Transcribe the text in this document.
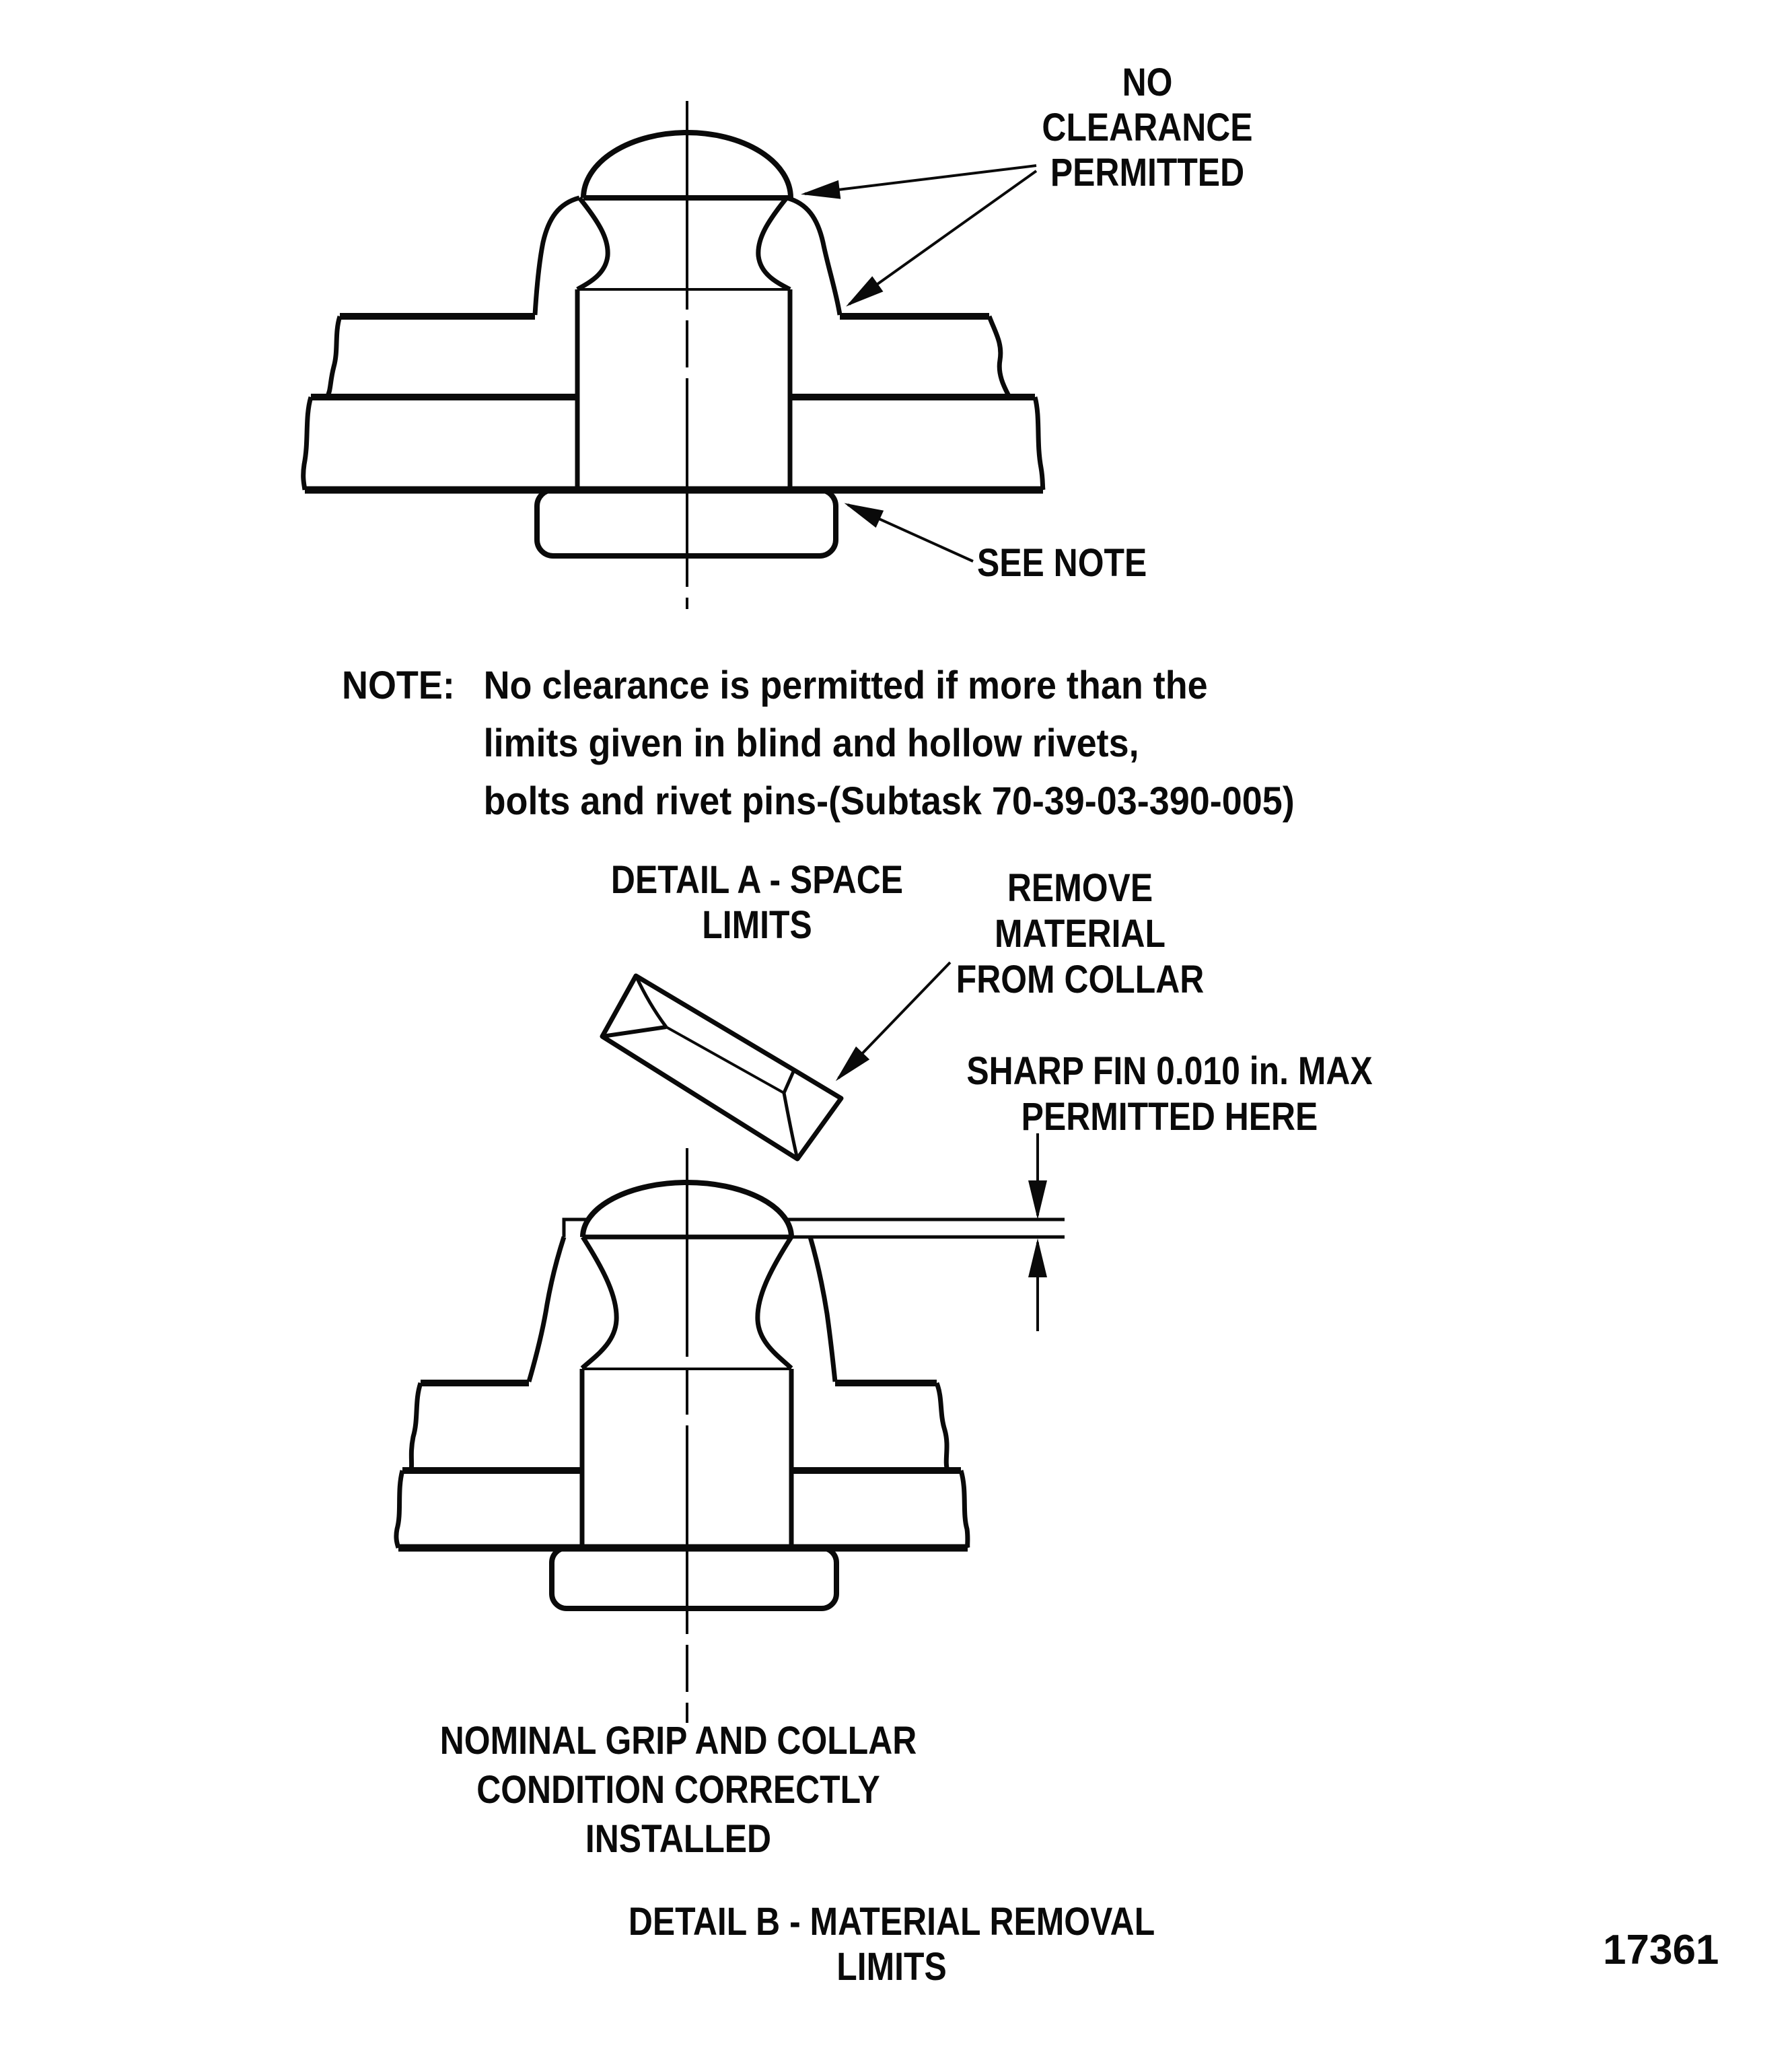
NO CLEARANCE
PERMITTED
SEE NOTE
NOTE: No clearance is permitted if more than the
limits given in blind and hollow rivets,
bolts and rivet pins-(Subtask 70-39-03-390-005)
DETAIL A - SPACE LIMITS
REMOVE MATERIAL
FROM COLLAR
SHARP FIN 0.010 in. MAX
PERMITTED HERE
NOMINAL GRIP AND COLLAR
CONDITION CORRECTLY INSTALLED
DETAIL B - MATERIAL REMOVAL LIMITS	17361
